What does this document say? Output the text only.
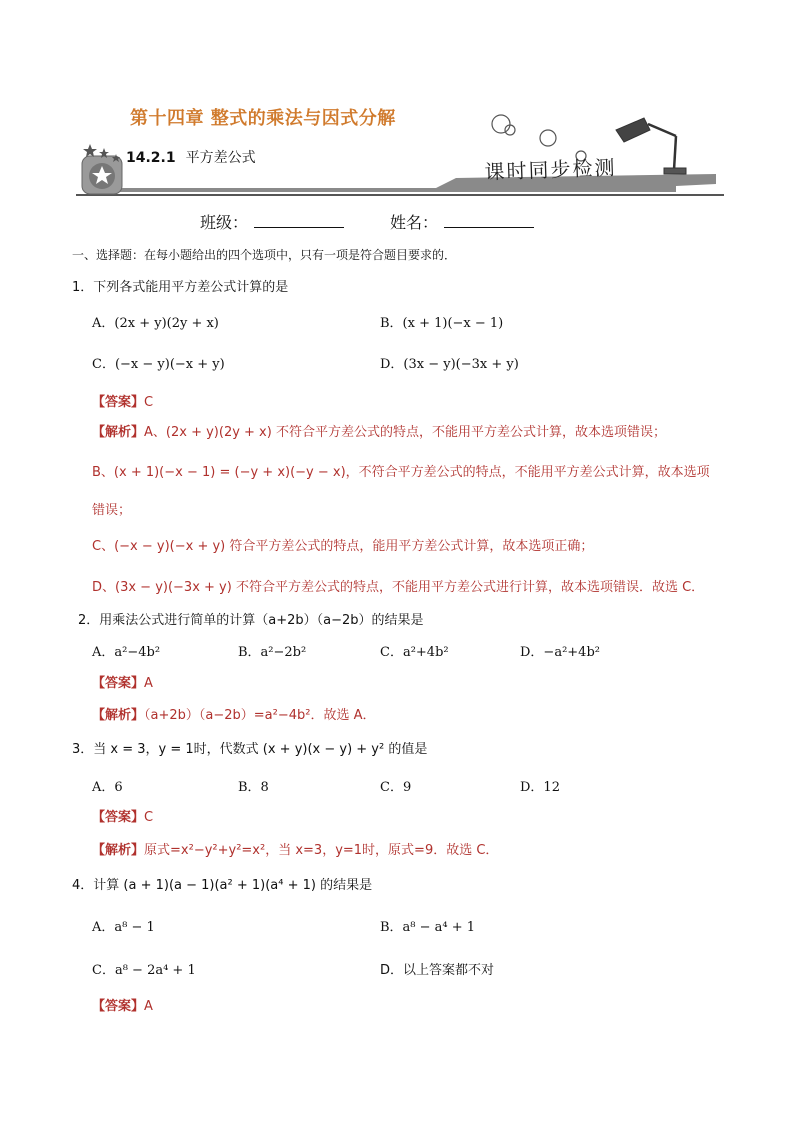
第十四章 整式的乘法与因式分解
14.2.1 平方差公式	课时同步检测
班级：	姓名：
一、选择题：在每小题给出的四个选项中，只有一项是符合题目要求的．
1．下列各式能用平方差公式计算的是
A．(2x + y)(2y + x)	B．(x + 1)(−x − 1)
C．(−x − y)(−x + y)	D．(3x − y)(−3x + y)
【答案】C
【解析】A、(2x + y)(2y + x) 不符合平方差公式的特点，不能用平方差公式计算，故本选项错误；
B、(x + 1)(−x − 1) = (−y + x)(−y − x)，不符合平方差公式的特点，不能用平方差公式计算，故本选项
错误；
C、(−x − y)(−x + y) 符合平方差公式的特点，能用平方差公式计算，故本选项正确；
D、(3x − y)(−3x + y) 不符合平方差公式的特点，不能用平方差公式进行计算，故本选项错误．故选 C．
2．用乘法公式进行简单的计算（a+2b）（a−2b）的结果是
A．a²−4b²	B．a²−2b²	C．a²+4b²	D．−a²+4b²
【答案】A
【解析】（a+2b）（a−2b）=a²−4b²．故选 A．
3．当 x = 3，y = 1时，代数式 (x + y)(x − y) + y² 的值是
A．6	B．8	C．9	D．12
【答案】C
【解析】原式=x²−y²+y²=x²，当 x=3，y=1时，原式=9．故选 C．
4．计算 (a + 1)(a − 1)(a² + 1)(a⁴ + 1) 的结果是
A．a⁸ − 1	B．a⁸ − a⁴ + 1
C．a⁸ − 2a⁴ + 1	D．以上答案都不对
【答案】A
